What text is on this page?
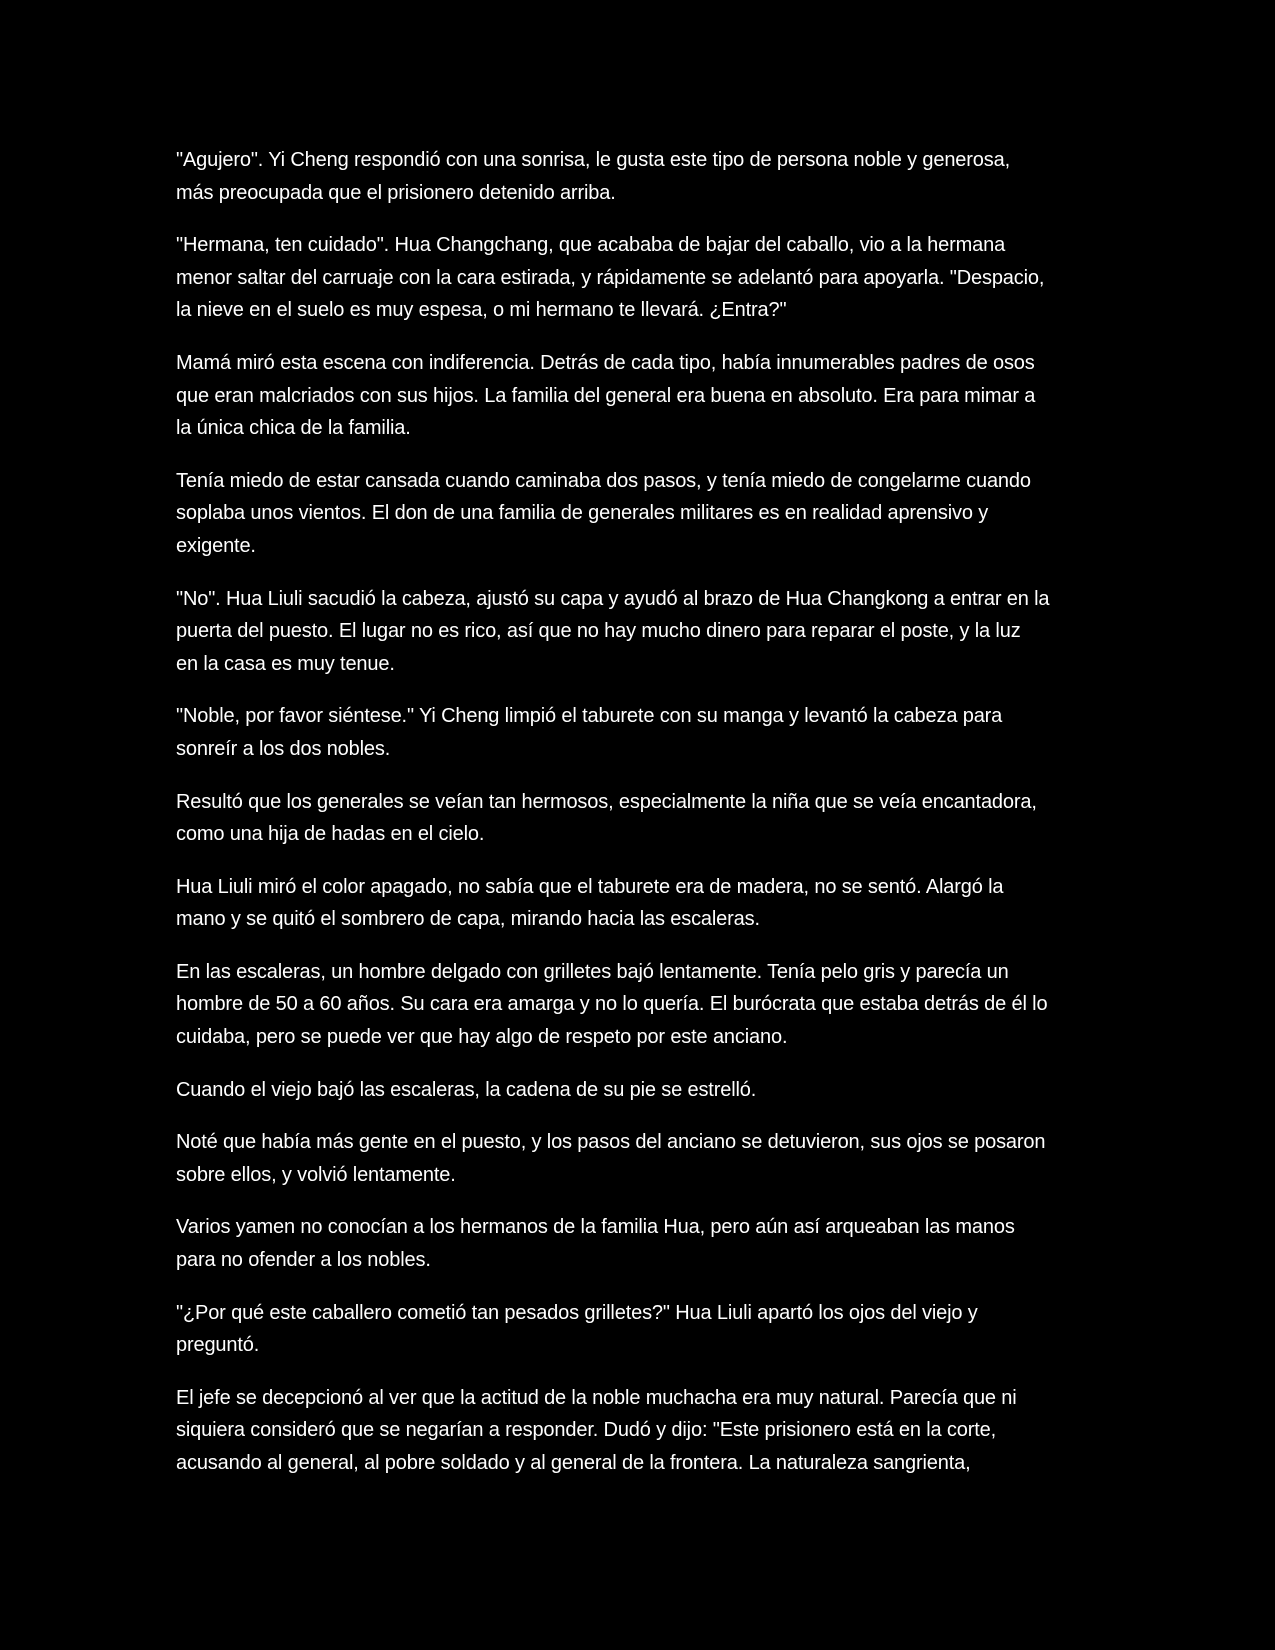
"Agujero". Yi Cheng respondió con una sonrisa, le gusta este tipo de persona noble y generosa,
más preocupada que el prisionero detenido arriba.

"Hermana, ten cuidado". Hua Changchang, que acababa de bajar del caballo, vio a la hermana
menor saltar del carruaje con la cara estirada, y rápidamente se adelantó para apoyarla. "Despacio,
la nieve en el suelo es muy espesa, o mi hermano te llevará. ¿Entra?"

Mamá miró esta escena con indiferencia. Detrás de cada tipo, había innumerables padres de osos
que eran malcriados con sus hijos. La familia del general era buena en absoluto. Era para mimar a
la única chica de la familia.

Tenía miedo de estar cansada cuando caminaba dos pasos, y tenía miedo de congelarme cuando
soplaba unos vientos. El don de una familia de generales militares es en realidad aprensivo y
exigente.

"No". Hua Liuli sacudió la cabeza, ajustó su capa y ayudó al brazo de Hua Changkong a entrar en la
puerta del puesto. El lugar no es rico, así que no hay mucho dinero para reparar el poste, y la luz
en la casa es muy tenue.

"Noble, por favor siéntese." Yi Cheng limpió el taburete con su manga y levantó la cabeza para
sonreír a los dos nobles.

Resultó que los generales se veían tan hermosos, especialmente la niña que se veía encantadora,
como una hija de hadas en el cielo.

Hua Liuli miró el color apagado, no sabía que el taburete era de madera, no se sentó. Alargó la
mano y se quitó el sombrero de capa, mirando hacia las escaleras.

En las escaleras, un hombre delgado con grilletes bajó lentamente. Tenía pelo gris y parecía un
hombre de 50 a 60 años. Su cara era amarga y no lo quería. El burócrata que estaba detrás de él lo
cuidaba, pero se puede ver que hay algo de respeto por este anciano.

Cuando el viejo bajó las escaleras, la cadena de su pie se estrelló.

Noté que había más gente en el puesto, y los pasos del anciano se detuvieron, sus ojos se posaron
sobre ellos, y volvió lentamente.

Varios yamen no conocían a los hermanos de la familia Hua, pero aún así arqueaban las manos
para no ofender a los nobles.

"¿Por qué este caballero cometió tan pesados grilletes?" Hua Liuli apartó los ojos del viejo y
preguntó.

El jefe se decepcionó al ver que la actitud de la noble muchacha era muy natural. Parecía que ni
siquiera consideró que se negarían a responder. Dudó y dijo: "Este prisionero está en la corte,
acusando al general, al pobre soldado y al general de la frontera. La naturaleza sangrienta,
